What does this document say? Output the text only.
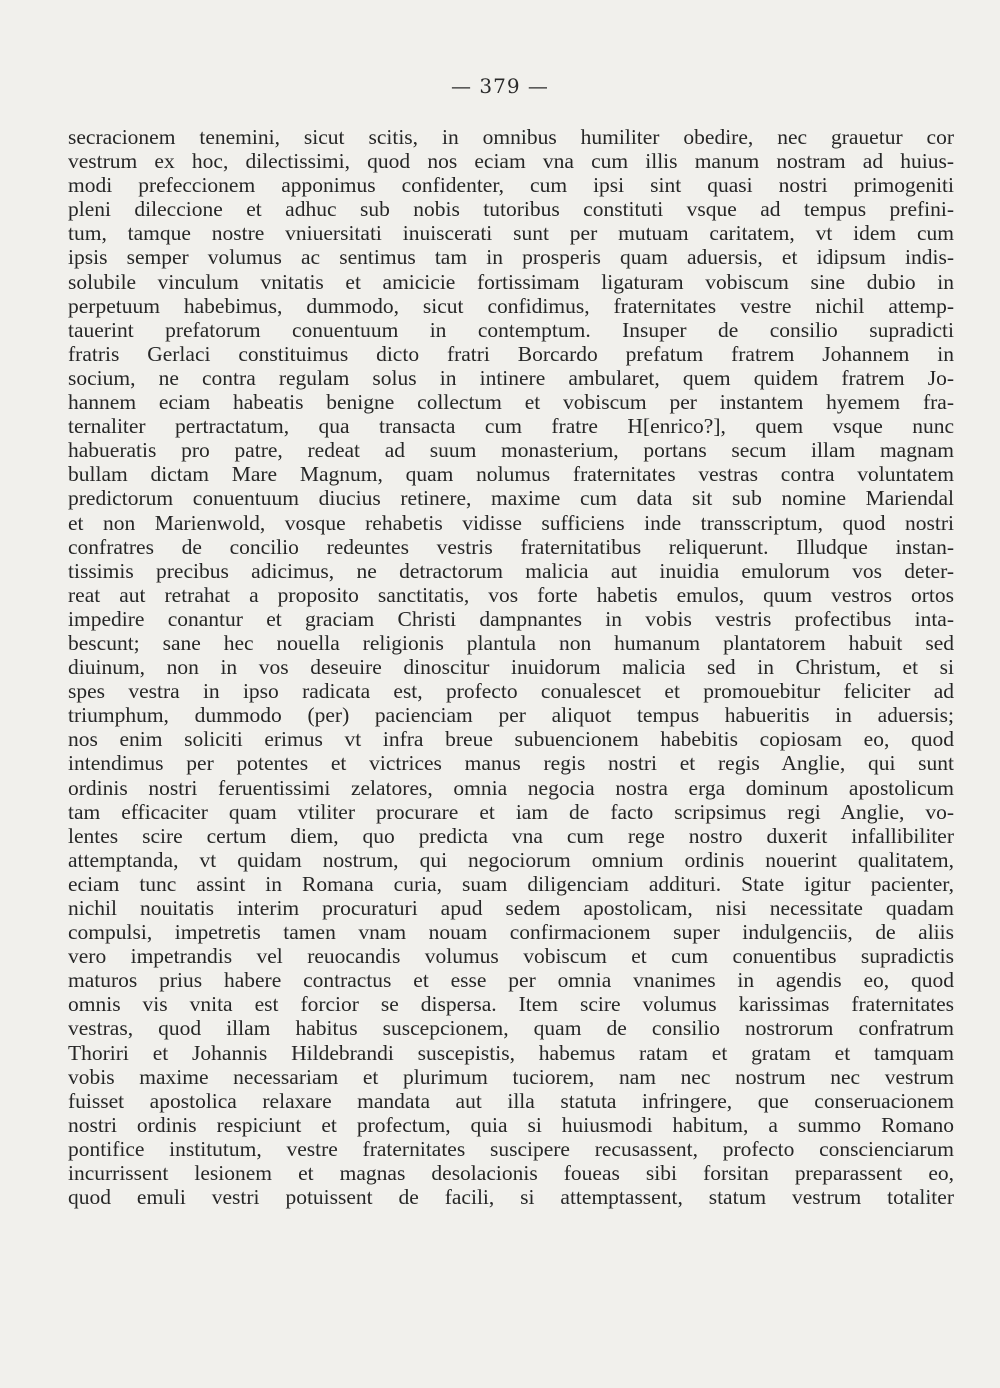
— 379 —
secracionem tenemini, sicut scitis, in omnibus humiliter obedire, nec grauetur cor
vestrum ex hoc, dilectissimi, quod nos eciam vna cum illis manum nostram ad huius-
modi prefeccionem apponimus confidenter, cum ipsi sint quasi nostri primogeniti
pleni dileccione et adhuc sub nobis tutoribus constituti vsque ad tempus prefini-
tum, tamque nostre vniuersitati inuiscerati sunt per mutuam caritatem, vt idem cum
ipsis semper volumus ac sentimus tam in prosperis quam aduersis, et idipsum indis-
solubile vinculum vnitatis et amicicie fortissimam ligaturam vobiscum sine dubio in
perpetuum habebimus, dummodo, sicut confidimus, fraternitates vestre nichil attemp-
tauerint prefatorum conuentuum in contemptum. Insuper de consilio supradicti
fratris Gerlaci constituimus dicto fratri Borcardo prefatum fratrem Johannem in
socium, ne contra regulam solus in intinere ambularet, quem quidem fratrem Jo-
hannem eciam habeatis benigne collectum et vobiscum per instantem hyemem fra-
ternaliter pertractatum, qua transacta cum fratre H[enrico?], quem vsque nunc
habueratis pro patre, redeat ad suum monasterium, portans secum illam magnam
bullam dictam Mare Magnum, quam nolumus fraternitates vestras contra voluntatem
predictorum conuentuum diucius retinere, maxime cum data sit sub nomine Mariendal
et non Marienwold, vosque rehabetis vidisse sufficiens inde transscriptum, quod nostri
confratres de concilio redeuntes vestris fraternitatibus reliquerunt. Illudque instan-
tissimis precibus adicimus, ne detractorum malicia aut inuidia emulorum vos deter-
reat aut retrahat a proposito sanctitatis, vos forte habetis emulos, quum vestros ortos
impedire conantur et graciam Christi dampnantes in vobis vestris profectibus inta-
bescunt; sane hec nouella religionis plantula non humanum plantatorem habuit sed
diuinum, non in vos deseuire dinoscitur inuidorum malicia sed in Christum, et si
spes vestra in ipso radicata est, profecto conualescet et promouebitur feliciter ad
triumphum, dummodo (per) pacienciam per aliquot tempus habueritis in aduersis;
nos enim soliciti erimus vt infra breue subuencionem habebitis copiosam eo, quod
intendimus per potentes et victrices manus regis nostri et regis Anglie, qui sunt
ordinis nostri feruentissimi zelatores, omnia negocia nostra erga dominum apostolicum
tam efficaciter quam vtiliter procurare et iam de facto scripsimus regi Anglie, vo-
lentes scire certum diem, quo predicta vna cum rege nostro duxerit infallibiliter
attemptanda, vt quidam nostrum, qui negociorum omnium ordinis nouerint qualitatem,
eciam tunc assint in Romana curia, suam diligenciam addituri. State igitur pacienter,
nichil nouitatis interim procuraturi apud sedem apostolicam, nisi necessitate quadam
compulsi, impetretis tamen vnam nouam confirmacionem super indulgenciis, de aliis
vero impetrandis vel reuocandis volumus vobiscum et cum conuentibus supradictis
maturos prius habere contractus et esse per omnia vnanimes in agendis eo, quod
omnis vis vnita est forcior se dispersa. Item scire volumus karissimas fraternitates
vestras, quod illam habitus suscepcionem, quam de consilio nostrorum confratrum
Thoriri et Johannis Hildebrandi suscepistis, habemus ratam et gratam et tamquam
vobis maxime necessariam et plurimum tuciorem, nam nec nostrum nec vestrum
fuisset apostolica relaxare mandata aut illa statuta infringere, que conseruacionem
nostri ordinis respiciunt et profectum, quia si huiusmodi habitum, a summo Romano
pontifice institutum, vestre fraternitates suscipere recusassent, profecto conscienciarum
incurrissent lesionem et magnas desolacionis foueas sibi forsitan preparassent eo,
quod emuli vestri potuissent de facili, si attemptassent, statum vestrum totaliter
